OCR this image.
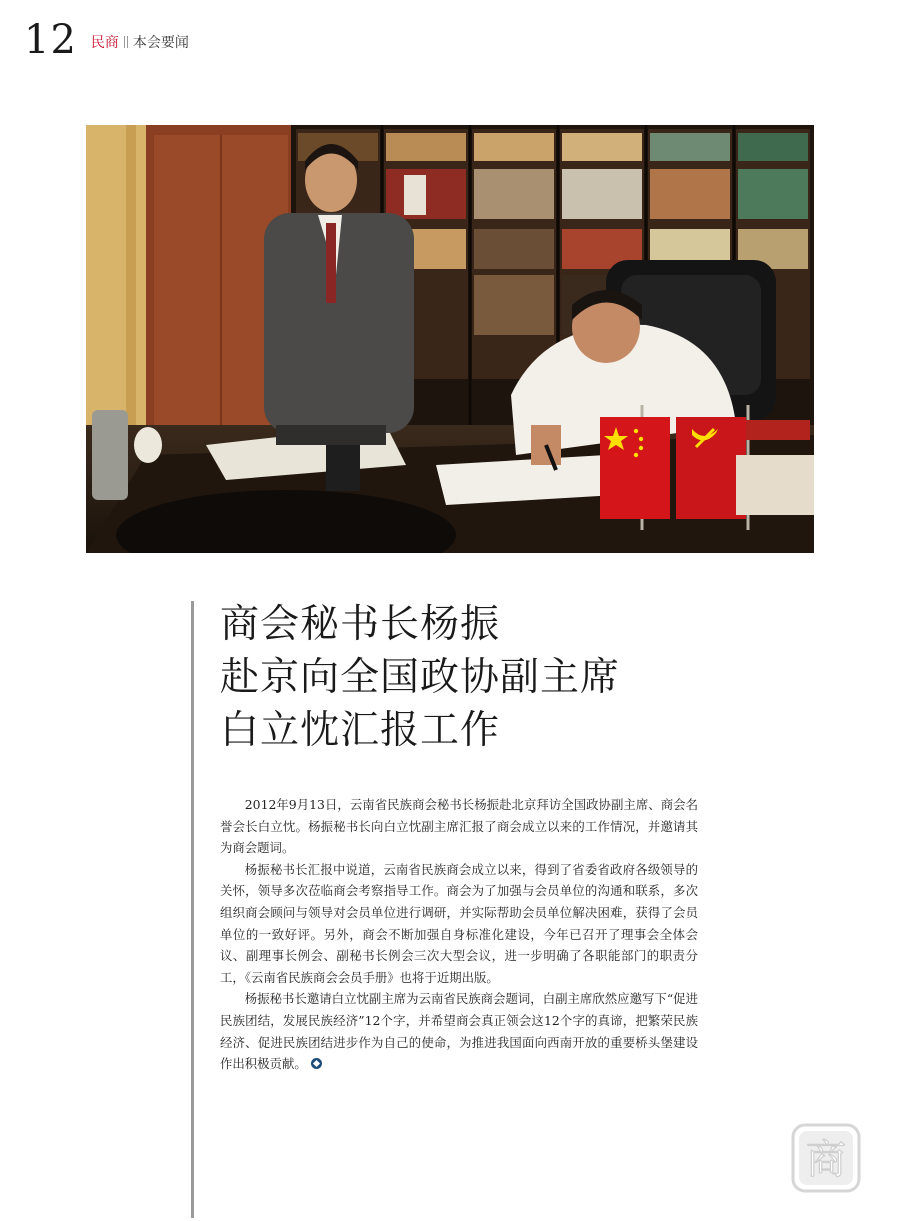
12 民商 本会要闻
商会秘书长杨振
赴京向全国政协副主席
白立忱汇报工作

2012年9月13日，云南省民族商会秘书长杨振赴北京拜访全国政协副主席、商会名誉会长白立忱。杨振秘书长向白立忱副主席汇报了商会成立以来的工作情况，并邀请其为商会题词。

杨振秘书长汇报中说道，云南省民族商会成立以来，得到了省委省政府各级领导的关怀，领导多次莅临商会考察指导工作。商会为了加强与会员单位的沟通和联系，多次组织商会顾问与领导对会员单位进行调研，并实际帮助会员单位解决困难，获得了会员单位的一致好评。另外，商会不断加强自身标准化建设，今年已召开了理事会全体会议、副理事长例会、副秘书长例会三次大型会议，进一步明确了各职能部门的职责分工，《云南省民族商会会员手册》也将于近期出版。

杨振秘书长邀请白立忱副主席为云南省民族商会题词，白副主席欣然应邀写下“促进民族团结，发展民族经济”12个字，并希望商会真正领会这12个字的真谛，把繁荣民族经济、促进民族团结进步作为自己的使命，为推进我国面向西南开放的重要桥头堡建设作出积极贡献。

商
